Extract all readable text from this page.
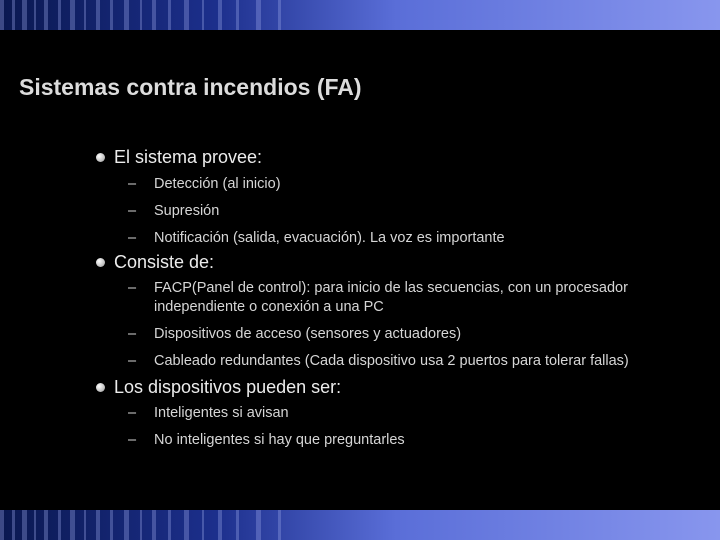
Sistemas contra incendios (FA)
El sistema provee:
– Detección (al inicio)
– Supresión
– Notificación (salida, evacuación). La voz es importante
Consiste de:
– FACP(Panel de control): para inicio de las secuencias, con un procesador independiente o conexión a una PC
– Dispositivos de acceso (sensores y actuadores)
– Cableado redundantes (Cada dispositivo usa 2 puertos para tolerar fallas)
Los dispositivos pueden ser:
– Inteligentes si avisan
– No inteligentes si hay que preguntarles
